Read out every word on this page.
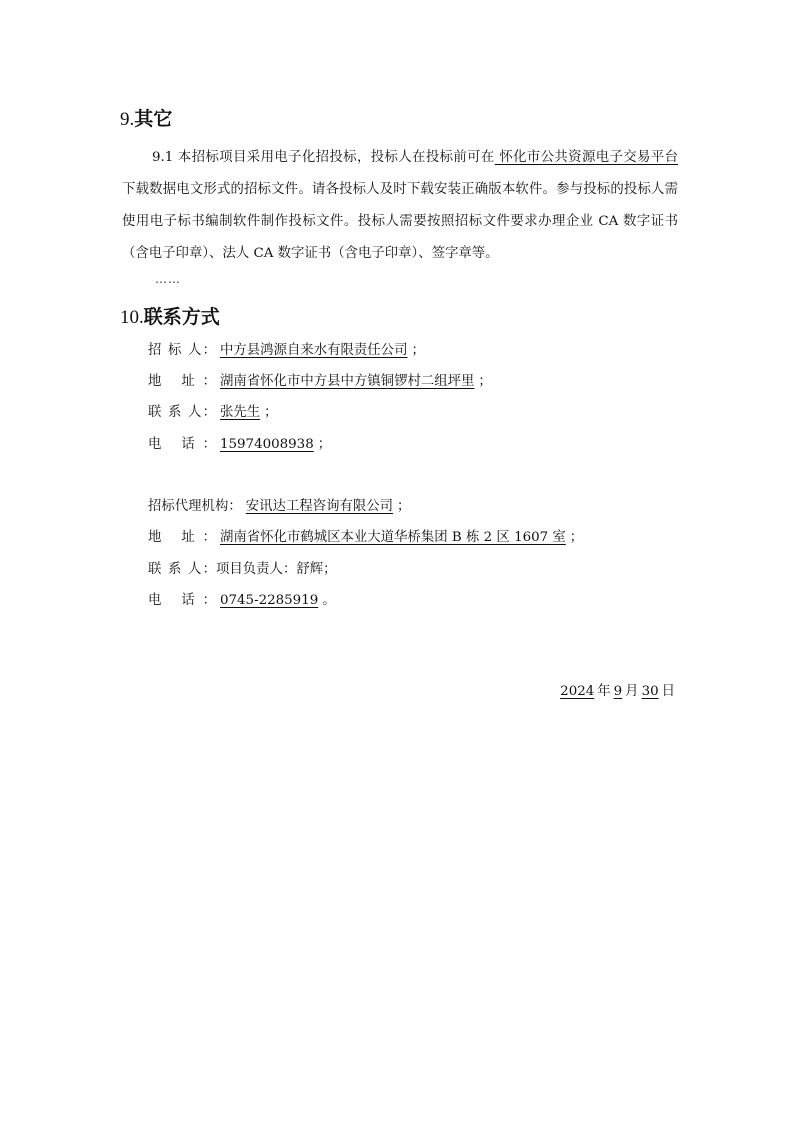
9.其它

9.1 本招标项目采用电子化招投标，投标人在投标前可在 怀化市公共资源电子交易平台 下载数据电文形式的招标文件。请各投标人及时下载安装正确版本软件。参与投标的投标人需使用电子标书编制软件制作投标文件。投标人需要按照招标文件要求办理企业 CA 数字证书（含电子印章）、法人 CA 数字证书（含电子印章）、签字章等。

……
10.联系方式
招 标 人： 中方县鸿源自来水有限责任公司 ；
地 址： 湖南省怀化市中方县中方镇铜锣村二组坪里 ；
联 系 人： 张先生 ；
电 话： 15974008938 ；
招标代理机构： 安讯达工程咨询有限公司 ；
地 址： 湖南省怀化市鹤城区本业大道华桥集团 B 栋 2 区 1607 室 ；
联 系 人：项目负责人：舒辉；
电 话： 0745-2285919 。
2024 年 9 月 30 日
